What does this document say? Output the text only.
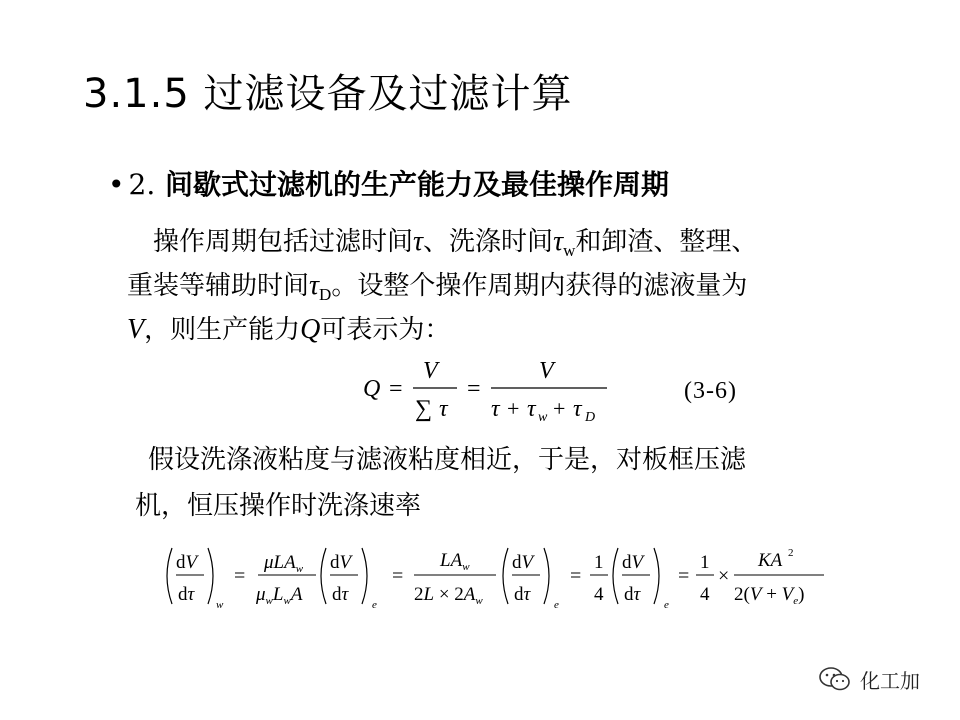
3.1.5 过滤设备及过滤计算
• 2. 间歇式过滤机的生产能力及最佳操作周期
操作周期包括过滤时间τ、洗涤时间$\tau_w$和卸渣、整理、
重装等辅助时间$\tau_D$。设整个操作周期内获得的滤液量为
V，则生产能力Q可表示为：
Q =
V
∑ τ
=
V
τ + τ w + τ D
(3-6)
假设洗涤液粘度与滤液粘度相近，于是，对板框压滤
机，恒压操作时洗涤速率
dV
dτ w
=
μLA$_w$
$\mu_wL_wA$
dV
dτ e
=
$LA_w$
$2L \times 2A_w$
dV
dτ e
=
1
4
dV
dτ e
=
1
4
×
KA 2
$2(V + V_e)$
化工加
